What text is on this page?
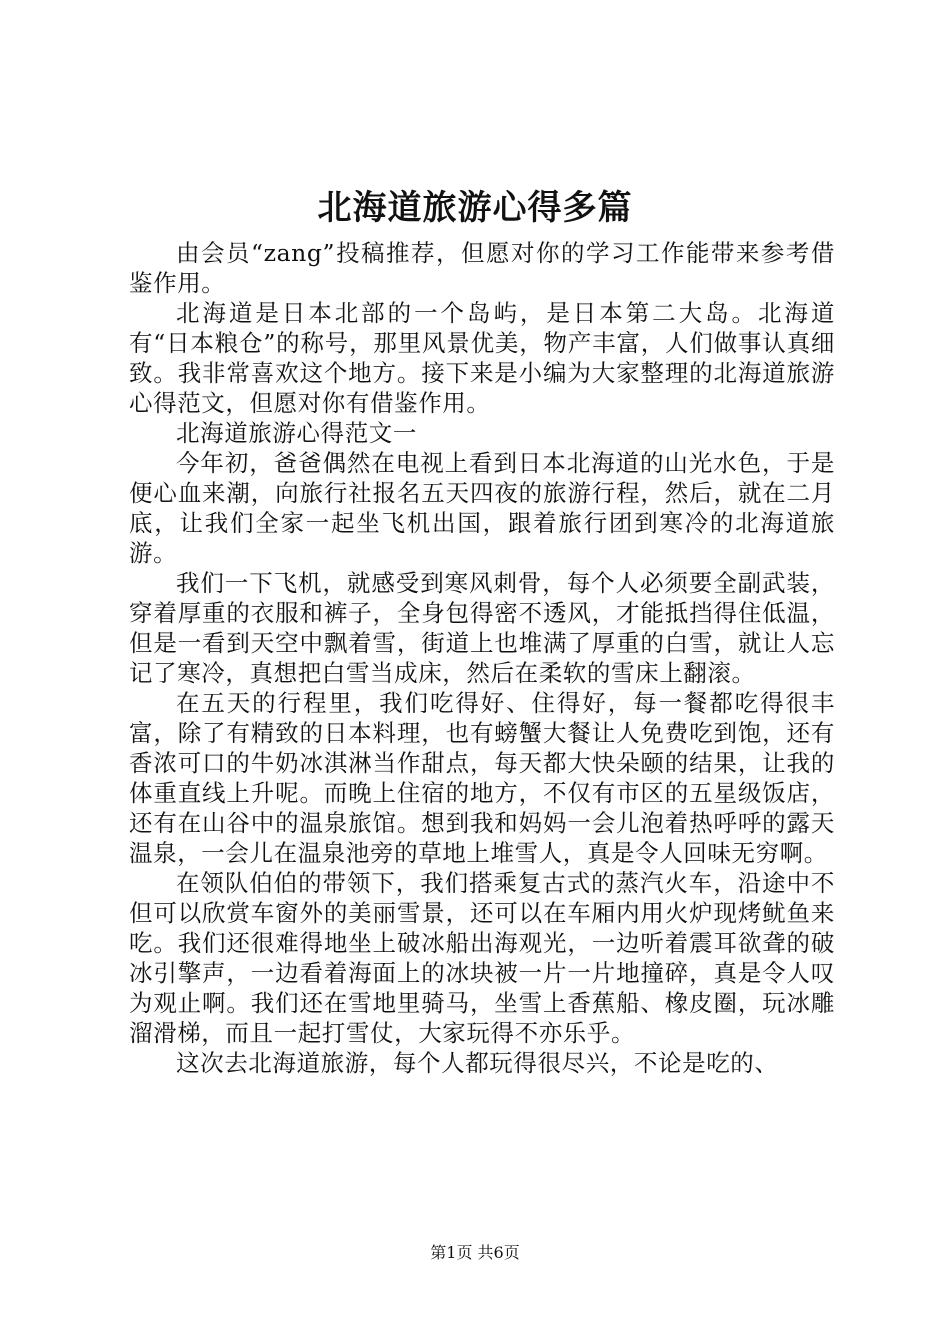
北海道旅游心得多篇

由会员“zang”投稿推荐，但愿对你的学习工作能带来参考借鉴作用。

北海道是日本北部的一个岛屿，是日本第二大岛。北海道有“日本粮仓”的称号，那里风景优美，物产丰富，人们做事认真细致。我非常喜欢这个地方。接下来是小编为大家整理的北海道旅游心得范文，但愿对你有借鉴作用。

北海道旅游心得范文一

今年初，爸爸偶然在电视上看到日本北海道的山光水色，于是便心血来潮，向旅行社报名五天四夜的旅游行程，然后，就在二月底，让我们全家一起坐飞机出国，跟着旅行团到寒冷的北海道旅游。

我们一下飞机，就感受到寒风刺骨，每个人必须要全副武装，穿着厚重的衣服和裤子，全身包得密不透风，才能抵挡得住低温，但是一看到天空中飘着雪，街道上也堆满了厚重的白雪，就让人忘记了寒冷，真想把白雪当成床，然后在柔软的雪床上翻滚。

在五天的行程里，我们吃得好、住得好，每一餐都吃得很丰富，除了有精致的日本料理，也有螃蟹大餐让人免费吃到饱，还有香浓可口的牛奶冰淇淋当作甜点，每天都大快朵颐的结果，让我的体重直线上升呢。而晚上住宿的地方，不仅有市区的五星级饭店，还有在山谷中的温泉旅馆。想到我和妈妈一会儿泡着热呼呼的露天温泉，一会儿在温泉池旁的草地上堆雪人，真是令人回味无穷啊。

在领队伯伯的带领下，我们搭乘复古式的蒸汽火车，沿途中不但可以欣赏车窗外的美丽雪景，还可以在车厢内用火炉现烤鱿鱼来吃。我们还很难得地坐上破冰船出海观光，一边听着震耳欲聋的破冰引擎声，一边看着海面上的冰块被一片一片地撞碎，真是令人叹为观止啊。我们还在雪地里骑马，坐雪上香蕉船、橡皮圈，玩冰雕溜滑梯，而且一起打雪仗，大家玩得不亦乐乎。

这次去北海道旅游，每个人都玩得很尽兴，不论是吃的、

第1页 共6页
